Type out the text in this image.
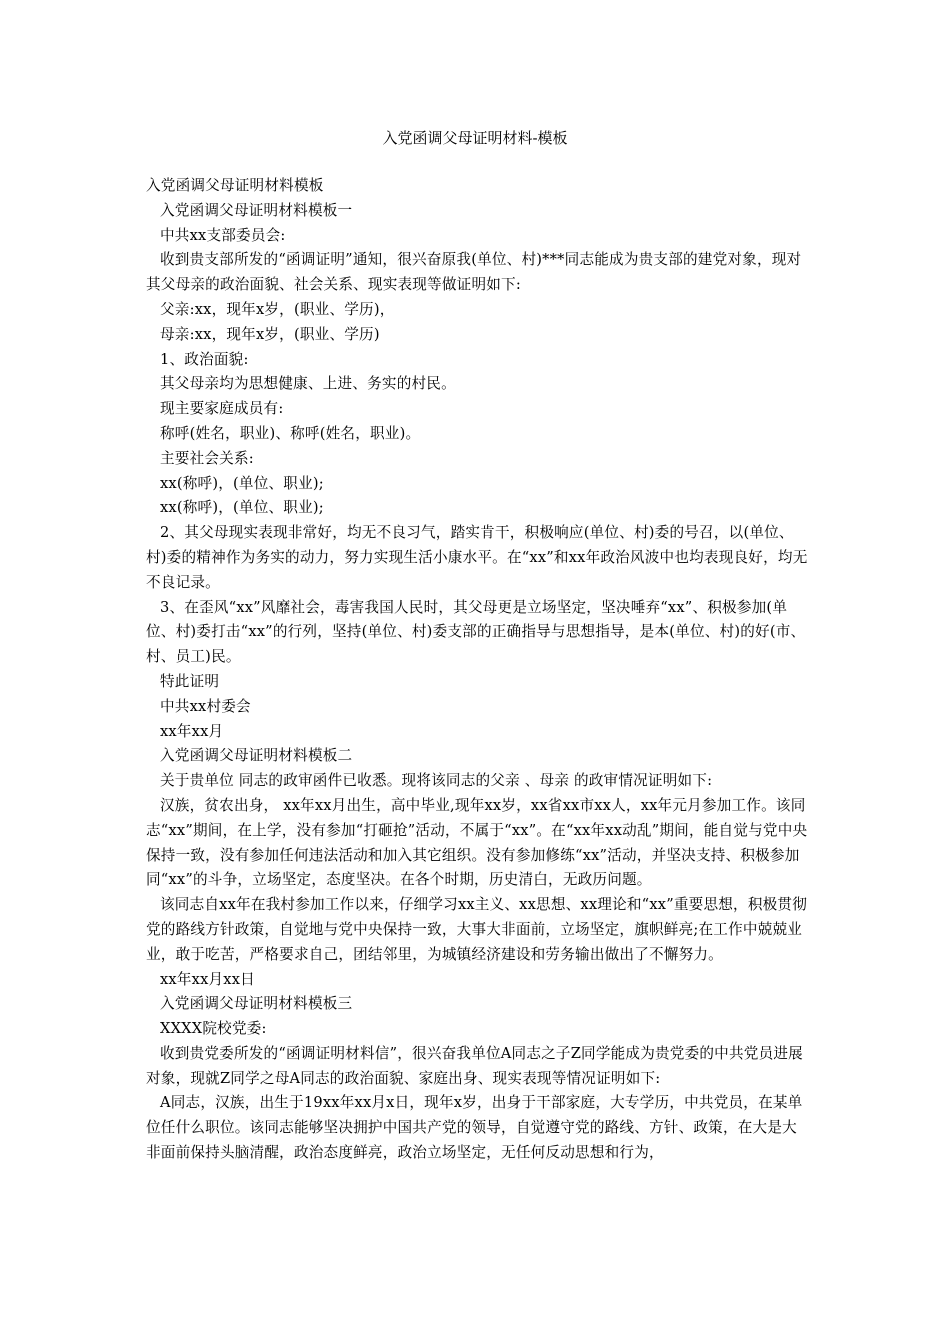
入党函调父母证明材料-模板

入党函调父母证明材料模板

入党函调父母证明材料模板一

中共xx支部委员会:

收到贵支部所发的“函调证明”通知，很兴奋原我(单位、村)***同志能成为贵支部的建党对象，现对其父母亲的政治面貌、社会关系、现实表现等做证明如下:

父亲:xx，现年x岁，(职业、学历)，

母亲:xx，现年x岁，(职业、学历)

1、政治面貌:

其父母亲均为思想健康、上进、务实的村民。

现主要家庭成员有:

称呼(姓名，职业)、称呼(姓名，职业)。

主要社会关系:

xx(称呼)，(单位、职业);

xx(称呼)，(单位、职业);

2、其父母现实表现非常好，均无不良习气，踏实肯干，积极响应(单位、村)委的号召，以(单位、村)委的精神作为务实的动力，努力实现生活小康水平。在“xx”和xx年政治风波中也均表现良好，均无不良记录。

3、在歪风“xx”风靡社会，毒害我国人民时，其父母更是立场坚定，坚决唾弃“xx”、积极参加(单位、村)委打击“xx”的行列，坚持(单位、村)委支部的正确指导与思想指导，是本(单位、村)的好(市、村、员工)民。

特此证明

中共xx村委会

xx年xx月

入党函调父母证明材料模板二

关于贵单位 同志的政审函件已收悉。现将该同志的父亲 、母亲 的政审情况证明如下:

汉族，贫农出身， xx年xx月出生，高中毕业,现年xx岁，xx省xx市xx人，xx年元月参加工作。该同志“xx”期间，在上学，没有参加“打砸抢”活动，不属于“xx”。在“xx年xx动乱”期间，能自觉与党中央保持一致，没有参加任何违法活动和加入其它组织。没有参加修练“xx”活动，并坚决支持、积极参加同“xx”的斗争，立场坚定，态度坚决。在各个时期，历史清白，无政历问题。

该同志自xx年在我村参加工作以来，仔细学习xx主义、xx思想、xx理论和“xx”重要思想，积极贯彻党的路线方针政策，自觉地与党中央保持一致，大事大非面前，立场坚定，旗帜鲜亮;在工作中兢兢业业，敢于吃苦，严格要求自己，团结邻里，为城镇经济建设和劳务输出做出了不懈努力。

xx年xx月xx日

入党函调父母证明材料模板三

XXXX院校党委:

收到贵党委所发的“函调证明材料信”，很兴奋我单位A同志之子Z同学能成为贵党委的中共党员进展对象，现就Z同学之母A同志的政治面貌、家庭出身、现实表现等情况证明如下:

A同志，汉族，出生于19xx年xx月x日，现年x岁，出身于干部家庭，大专学历，中共党员，在某单位任什么职位。该同志能够坚决拥护中国共产党的领导，自觉遵守党的路线、方针、政策，在大是大非面前保持头脑清醒，政治态度鲜亮，政治立场坚定，无任何反动思想和行为，
